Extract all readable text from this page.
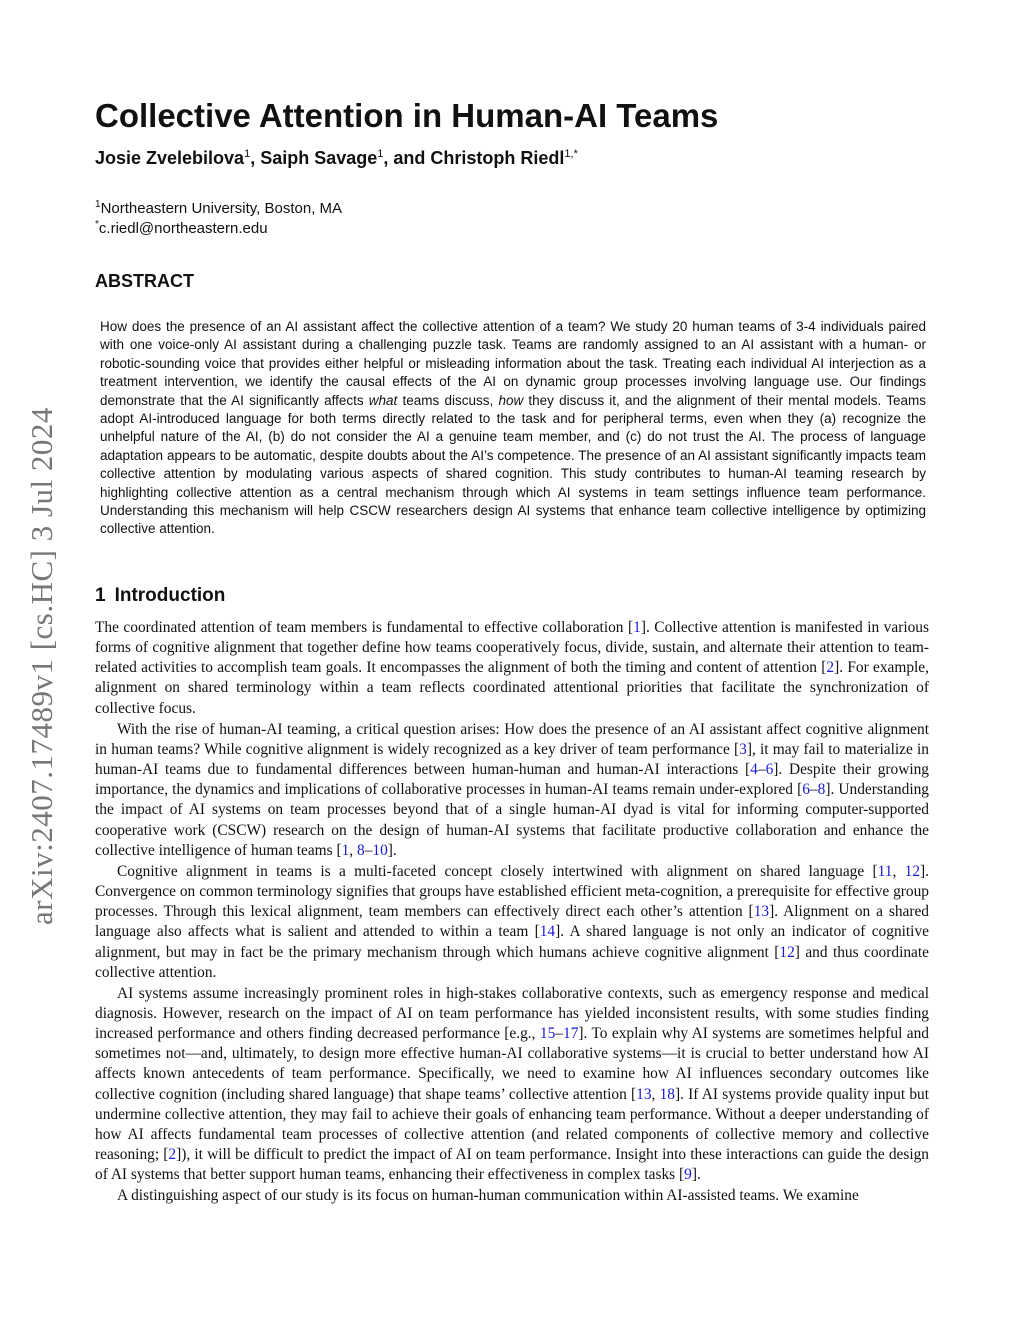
arXiv:2407.17489v1 [cs.HC] 3 Jul 2024
Collective Attention in Human-AI Teams
Josie Zvelebilova$^1$, Saiph Savage$^1$, and Christoph Riedl$^{1,*}$
$^1$Northeastern University, Boston, MA
*c.riedl@northeastern.edu
ABSTRACT

How does the presence of an AI assistant affect the collective attention of a team? We study 20 human teams of 3-4 individuals paired with one voice-only AI assistant during a challenging puzzle task. Teams are randomly assigned to an AI assistant with a human- or robotic-sounding voice that provides either helpful or misleading information about the task. Treating each individual AI interjection as a treatment intervention, we identify the causal effects of the AI on dynamic group processes involving language use. Our findings demonstrate that the AI significantly affects what teams discuss, how they discuss it, and the alignment of their mental models. Teams adopt AI-introduced language for both terms directly related to the task and for peripheral terms, even when they (a) recognize the unhelpful nature of the AI, (b) do not consider the AI a genuine team member, and (c) do not trust the AI. The process of language adaptation appears to be automatic, despite doubts about the AI’s competence. The presence of an AI assistant significantly impacts team collective attention by modulating various aspects of shared cognition. This study contributes to human-AI teaming research by highlighting collective attention as a central mechanism through which AI systems in team settings influence team performance. Understanding this mechanism will help CSCW researchers design AI systems that enhance team collective intelligence by optimizing collective attention.

1 Introduction

The coordinated attention of team members is fundamental to effective collaboration [1]. Collective attention is manifested in various forms of cognitive alignment that together define how teams cooperatively focus, divide, sustain, and alternate their attention to team-related activities to accomplish team goals. It encompasses the alignment of both the timing and content of attention [2]. For example, alignment on shared terminology within a team reflects coordinated attentional priorities that facilitate the synchronization of collective focus.

With the rise of human-AI teaming, a critical question arises: How does the presence of an AI assistant affect cognitive alignment in human teams? While cognitive alignment is widely recognized as a key driver of team performance [3], it may fail to materialize in human-AI teams due to fundamental differences between human-human and human-AI interactions [4–6]. Despite their growing importance, the dynamics and implications of collaborative processes in human-AI teams remain under-explored [6–8]. Understanding the impact of AI systems on team processes beyond that of a single human-AI dyad is vital for informing computer-supported cooperative work (CSCW) research on the design of human-AI systems that facilitate productive collaboration and enhance the collective intelligence of human teams [1, 8–10].

Cognitive alignment in teams is a multi-faceted concept closely intertwined with alignment on shared language [11, 12]. Convergence on common terminology signifies that groups have established efficient meta-cognition, a prerequisite for effective group processes. Through this lexical alignment, team members can effectively direct each other’s attention [13]. Alignment on a shared language also affects what is salient and attended to within a team [14]. A shared language is not only an indicator of cognitive alignment, but may in fact be the primary mechanism through which humans achieve cognitive alignment [12] and thus coordinate collective attention.

AI systems assume increasingly prominent roles in high-stakes collaborative contexts, such as emergency response and medical diagnosis. However, research on the impact of AI on team performance has yielded inconsistent results, with some studies finding increased performance and others finding decreased performance [e.g., 15–17]. To explain why AI systems are sometimes helpful and sometimes not—and, ultimately, to design more effective human-AI collaborative systems—it is crucial to better understand how AI affects known antecedents of team performance. Specifically, we need to examine how AI influences secondary outcomes like collective cognition (including shared language) that shape teams’ collective attention [13, 18]. If AI systems provide quality input but undermine collective attention, they may fail to achieve their goals of enhancing team performance. Without a deeper understanding of how AI affects fundamental team processes of collective attention (and related components of collective memory and collective reasoning; [2]), it will be difficult to predict the impact of AI on team performance. Insight into these interactions can guide the design of AI systems that better support human teams, enhancing their effectiveness in complex tasks [9].

A distinguishing aspect of our study is its focus on human-human communication within AI-assisted teams. We examine
